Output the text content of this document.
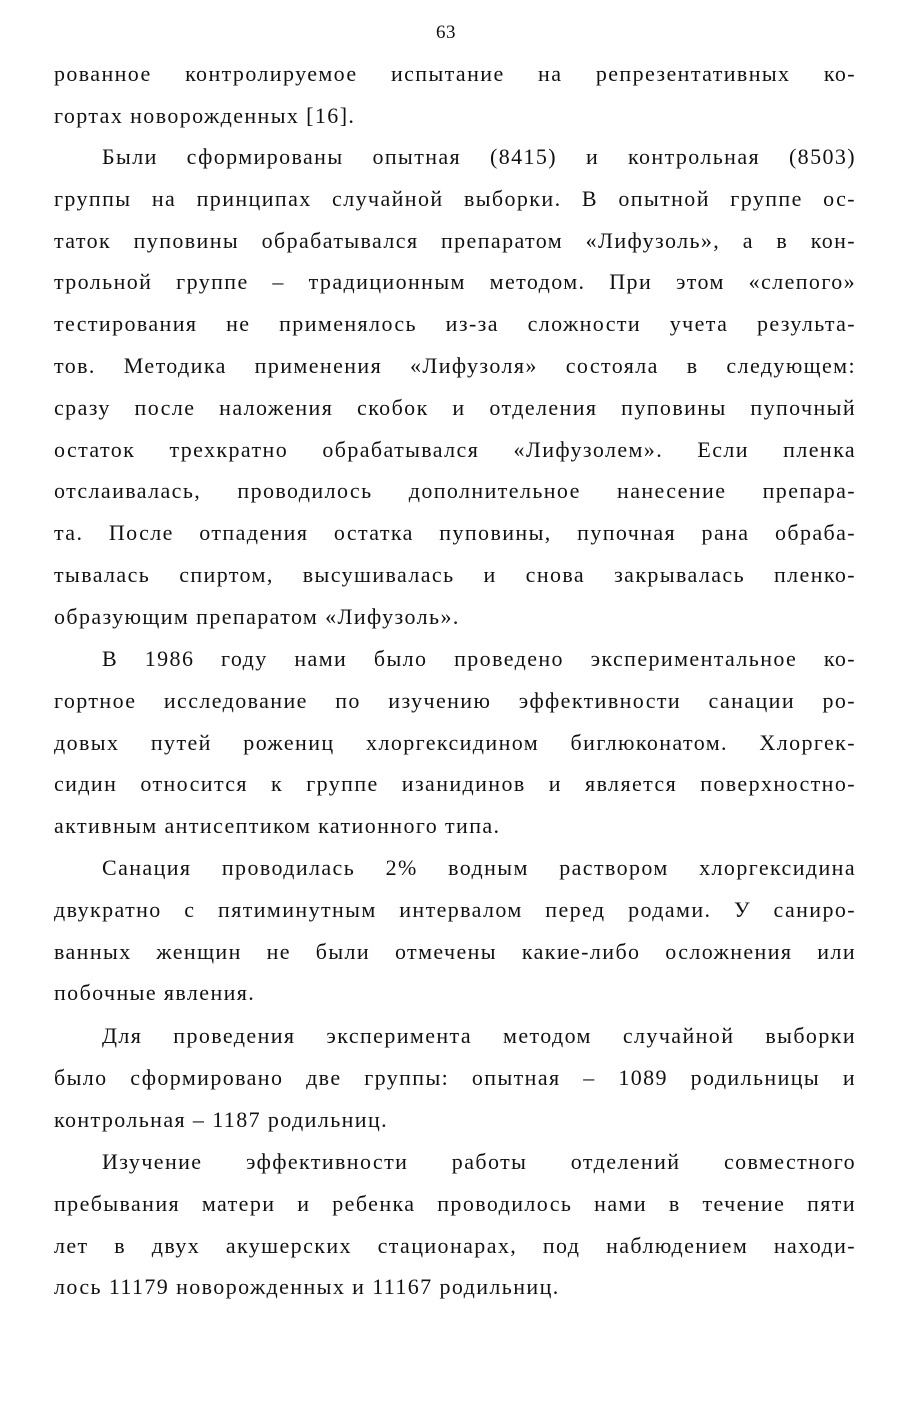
63
рованное контролируемое испытание на репрезентативных ко-
гортах новорожденных [16].
Были сформированы опытная (8415) и контрольная (8503)
группы на принципах случайной выборки. В опытной группе ос-
таток пуповины обрабатывался препаратом «Лифузоль», а в кон-
трольной группе – традиционным методом. При этом «слепого»
тестирования не применялось из-за сложности учета результа-
тов. Методика применения «Лифузоля» состояла в следующем:
сразу после наложения скобок и отделения пуповины пупочный
остаток трехкратно обрабатывался «Лифузолем». Если пленка
отслаивалась, проводилось дополнительное нанесение препара-
та. После отпадения остатка пуповины, пупочная рана обраба-
тывалась спиртом, высушивалась и снова закрывалась пленко-
образующим препаратом «Лифузоль».
В 1986 году нами было проведено экспериментальное ко-
гортное исследование по изучению эффективности санации ро-
довых путей рожениц хлоргексидином биглюконатом. Хлоргек-
сидин относится к группе изанидинов и является поверхностно-
активным антисептиком катионного типа.
Санация проводилась 2% водным раствором хлоргексидина
двукратно с пятиминутным интервалом перед родами. У саниро-
ванных женщин не были отмечены какие-либо осложнения или
побочные явления.
Для проведения эксперимента методом случайной выборки
было сформировано две группы: опытная – 1089 родильницы и
контрольная – 1187 родильниц.
Изучение эффективности работы отделений совместного
пребывания матери и ребенка проводилось нами в течение пяти
лет в двух акушерских стационарах, под наблюдением находи-
лось 11179 новорожденных и 11167 родильниц.
